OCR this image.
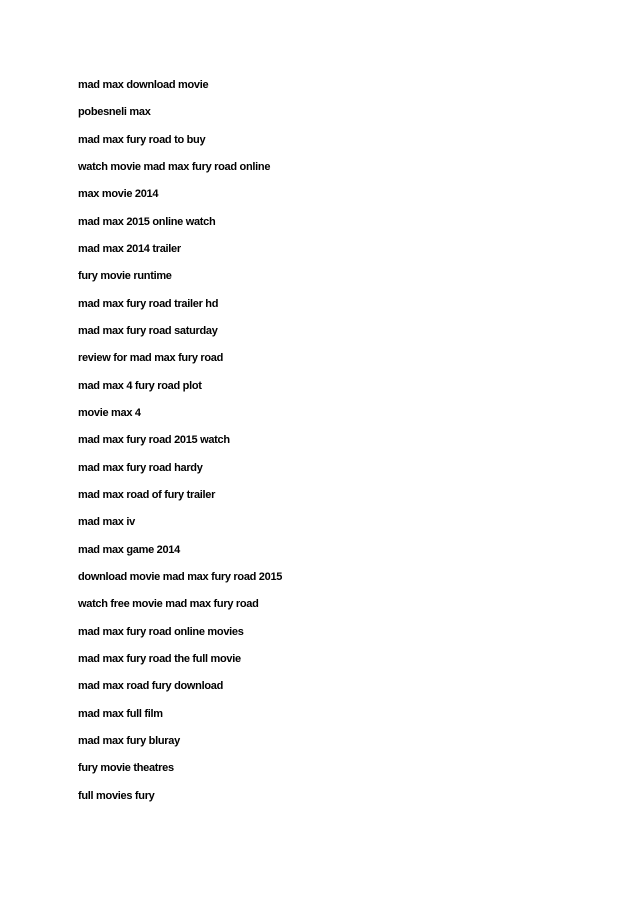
mad max download movie
pobesneli max
mad max fury road to buy
watch movie mad max fury road online
max movie 2014
mad max 2015 online watch
mad max 2014 trailer
fury movie runtime
mad max fury road trailer hd
mad max fury road saturday
review for mad max fury road
mad max 4 fury road plot
movie max 4
mad max fury road 2015 watch
mad max fury road hardy
mad max road of fury trailer
mad max iv
mad max game 2014
download movie mad max fury road 2015
watch free movie mad max fury road
mad max fury road online movies
mad max fury road the full movie
mad max road fury download
mad max full film
mad max fury bluray
fury movie theatres
full movies fury
